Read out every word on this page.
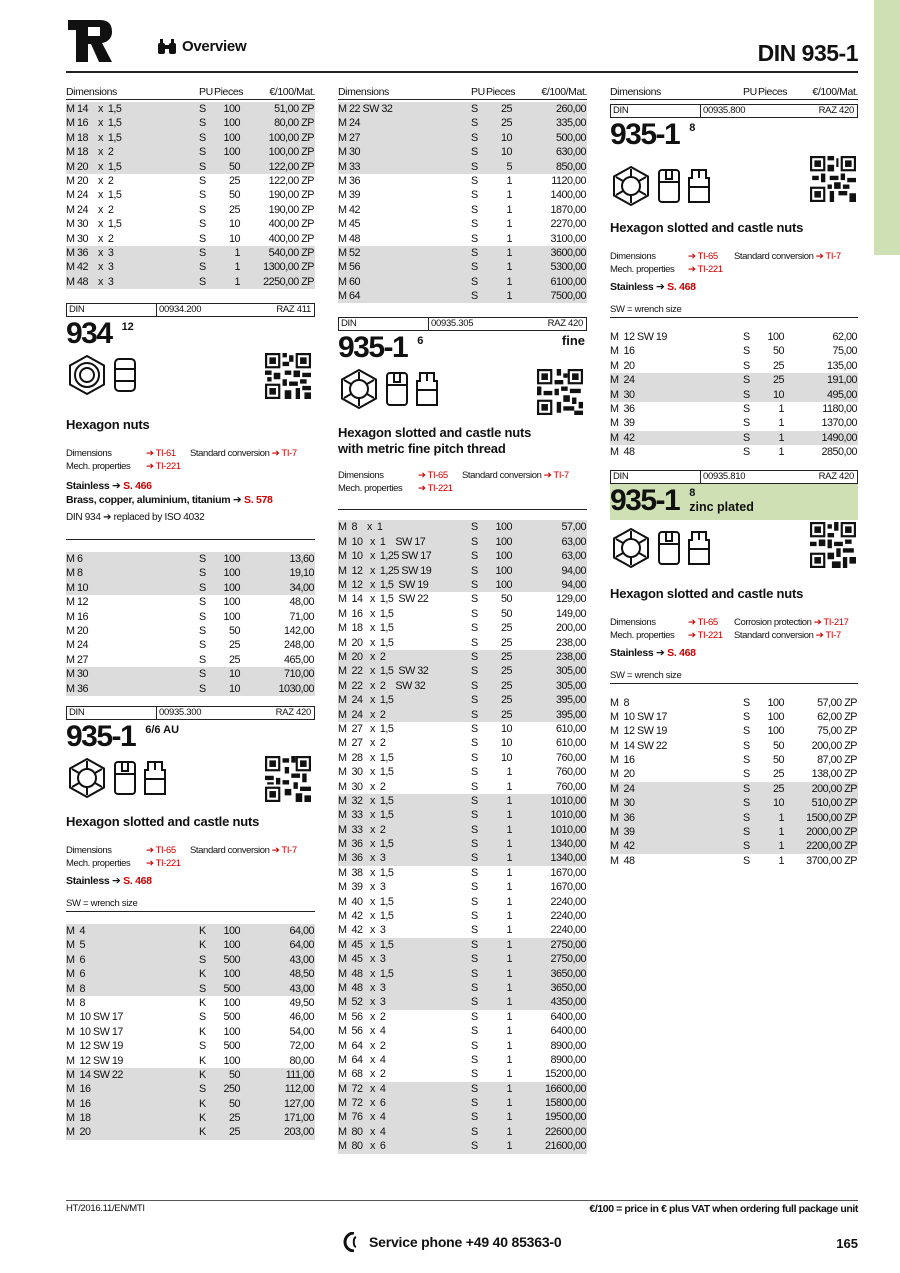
Overview	DIN 935-1
Dimensions	PU Pieces	€/100/Mat.
M 14    x  1,5	S	100	51,00 ZP
M 16    x  1,5	S	100	80,00 ZP
M 18    x  1,5	S	100	100,00 ZP
M 18    x  2	S	100	100,00 ZP
M 20    x  1,5	S	50	122,00 ZP
M 20    x  2	S	25	122,00 ZP
M 24    x  1,5	S	50	190,00 ZP
M 24    x  2	S	25	190,00 ZP
M 30    x  1,5	S	10	400,00 ZP
M 30    x  2	S	10	400,00 ZP
M 36    x  3	S	1	540,00 ZP
M 42    x  3	S	1	1300,00 ZP
M 48    x  3	S	1	2250,00 ZP
DIN	00934.200	RAZ 411
934 12
Hexagon nuts
Dimensions	➔ TI-61	Standard conversion ➔ TI-7
Mech. properties	➔ TI-221
Stainless ➔ S. 466
Brass, copper, aluminium, titanium ➔ S. 578
DIN 934 ➔ replaced by ISO 4032
M 6	S	100	13,60
M 8	S	100	19,10
M 10	S	100	34,00
M 12	S	100	48,00
M 16	S	100	71,00
M 20	S	50	142,00
M 24	S	25	248,00
M 27	S	25	465,00
M 30	S	10	710,00
M 36	S	10	1030,00
DIN	00935.300	RAZ 420
935-1 6/6 AU
Hexagon slotted and castle nuts
Dimensions	➔ TI-65	Standard conversion ➔ TI-7
Mech. properties	➔ TI-221
Stainless ➔ S. 468
SW = wrench size
M  4	K	100	64,00
M  5	K	100	64,00
M  6	S	500	43,00
M  6	K	100	48,50
M  8	S	500	43,00
M  8	K	100	49,50
M  10 SW 17	S	500	46,00
M  10 SW 17	K	100	54,00
M  12 SW 19	S	500	72,00
M  12 SW 19	K	100	80,00
M  14 SW 22	K	50	111,00
M  16	S	250	112,00
M  16	K	50	127,00
M  18	K	25	171,00
M  20	K	25	203,00
Dimensions	PU Pieces	€/100/Mat.
M 22 SW 32	S	25	260,00
M 24	S	25	335,00
M 27	S	10	500,00
M 30	S	10	630,00
M 33	S	5	850,00
M 36	S	1	1120,00
M 39	S	1	1400,00
M 42	S	1	1870,00
M 45	S	1	2270,00
M 48	S	1	3100,00
M 52	S	1	3600,00
M 56	S	1	5300,00
M 60	S	1	6100,00
M 64	S	1	7500,00
DIN	00935.305	RAZ 420
935-1 6	fine
Hexagon slotted and castle nuts
with metric fine pitch thread
Dimensions	➔ TI-65	Standard conversion ➔ TI-7
Mech. properties	➔ TI-221
M  8    x  1	S	100	57,00
M  10   x  1    SW 17	S	100	63,00
M  10   x  1,25 SW 17	S	100	63,00
M  12   x  1,25 SW 19	S	100	94,00
M  12   x  1,5  SW 19	S	100	94,00
M  14   x  1,5  SW 22	S	50	129,00
M  16   x  1,5	S	50	149,00
M  18   x  1,5	S	25	200,00
M  20   x  1,5	S	25	238,00
M  20   x  2	S	25	238,00
M  22   x  1,5  SW 32	S	25	305,00
M  22   x  2    SW 32	S	25	305,00
M  24   x  1,5	S	25	395,00
M  24   x  2	S	25	395,00
M  27   x  1,5	S	10	610,00
M  27   x  2	S	10	610,00
M  28   x  1,5	S	10	760,00
M  30   x  1,5	S	1	760,00
M  30   x  2	S	1	760,00
M  32   x  1,5	S	1	1010,00
M  33   x  1,5	S	1	1010,00
M  33   x  2	S	1	1010,00
M  36   x  1,5	S	1	1340,00
M  36   x  3	S	1	1340,00
M  38   x  1,5	S	1	1670,00
M  39   x  3	S	1	1670,00
M  40   x  1,5	S	1	2240,00
M  42   x  1,5	S	1	2240,00
M  42   x  3	S	1	2240,00
M  45   x  1,5	S	1	2750,00
M  45   x  3	S	1	2750,00
M  48   x  1,5	S	1	3650,00
M  48   x  3	S	1	3650,00
M  52   x  3	S	1	4350,00
M  56   x  2	S	1	6400,00
M  56   x  4	S	1	6400,00
M  64   x  2	S	1	8900,00
M  64   x  4	S	1	8900,00
M  68   x  2	S	1	15200,00
M  72   x  4	S	1	16600,00
M  72   x  6	S	1	15800,00
M  76   x  4	S	1	19500,00
M  80   x  4	S	1	22600,00
M  80   x  6	S	1	21600,00
Dimensions	PU Pieces	€/100/Mat.
DIN	00935.800	RAZ 420
935-1 8
Hexagon slotted and castle nuts
Dimensions	➔ TI-65	Standard conversion ➔ TI-7
Mech. properties	➔ TI-221
Stainless ➔ S. 468
SW = wrench size
M  12 SW 19	S	100	62,00
M  16	S	50	75,00
M  20	S	25	135,00
M  24	S	25	191,00
M  30	S	10	495,00
M  36	S	1	1180,00
M  39	S	1	1370,00
M  42	S	1	1490,00
M  48	S	1	2850,00
DIN	00935.810	RAZ 420
935-1 8
zinc plated
Hexagon slotted and castle nuts
Dimensions	➔ TI-65	Corrosion protection ➔ TI-217
Mech. properties	➔ TI-221	Standard conversion ➔ TI-7
Stainless ➔ S. 468
SW = wrench size
M  8	S	100	57,00 ZP
M  10 SW 17	S	100	62,00 ZP
M  12 SW 19	S	100	75,00 ZP
M  14 SW 22	S	50	200,00 ZP
M  16	S	50	87,00 ZP
M  20	S	25	138,00 ZP
M  24	S	25	200,00 ZP
M  30	S	10	510,00 ZP
M  36	S	1	1500,00 ZP
M  39	S	1	2000,00 ZP
M  42	S	1	2200,00 ZP
M  48	S	1	3700,00 ZP
HT/2016.11/EN/MTI	€/100 = price in € plus VAT when ordering full package unit
Service phone +49 40 85363-0	165
